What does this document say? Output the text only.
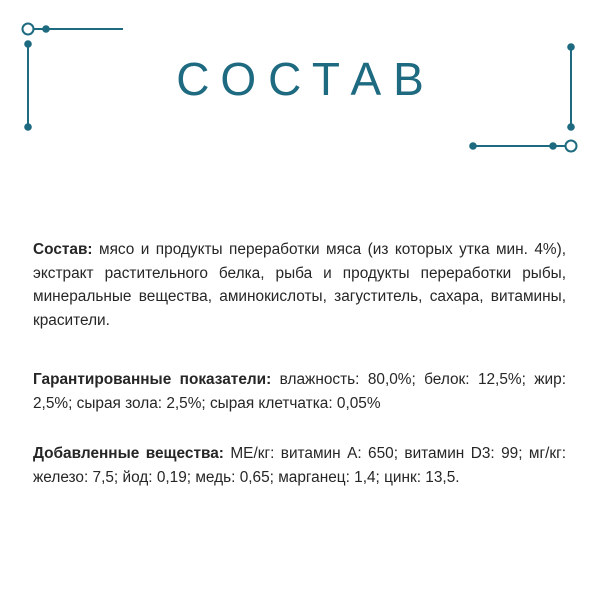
СОСТАВ
Состав: мясо и продукты переработки мяса (из которых утка мин. 4%), экстракт растительного белка, рыба и продукты переработки рыбы, минеральные вещества, аминокислоты, загуститель, сахара, витамины, красители.
Гарантированные показатели: влажность: 80,0%; белок: 12,5%; жир: 2,5%; сырая зола: 2,5%; сырая клетчатка: 0,05%
Добавленные вещества: МЕ/кг: витамин А: 650; витамин D3: 99; мг/кг: железо: 7,5; йод: 0,19; медь: 0,65; марганец: 1,4; цинк: 13,5.
